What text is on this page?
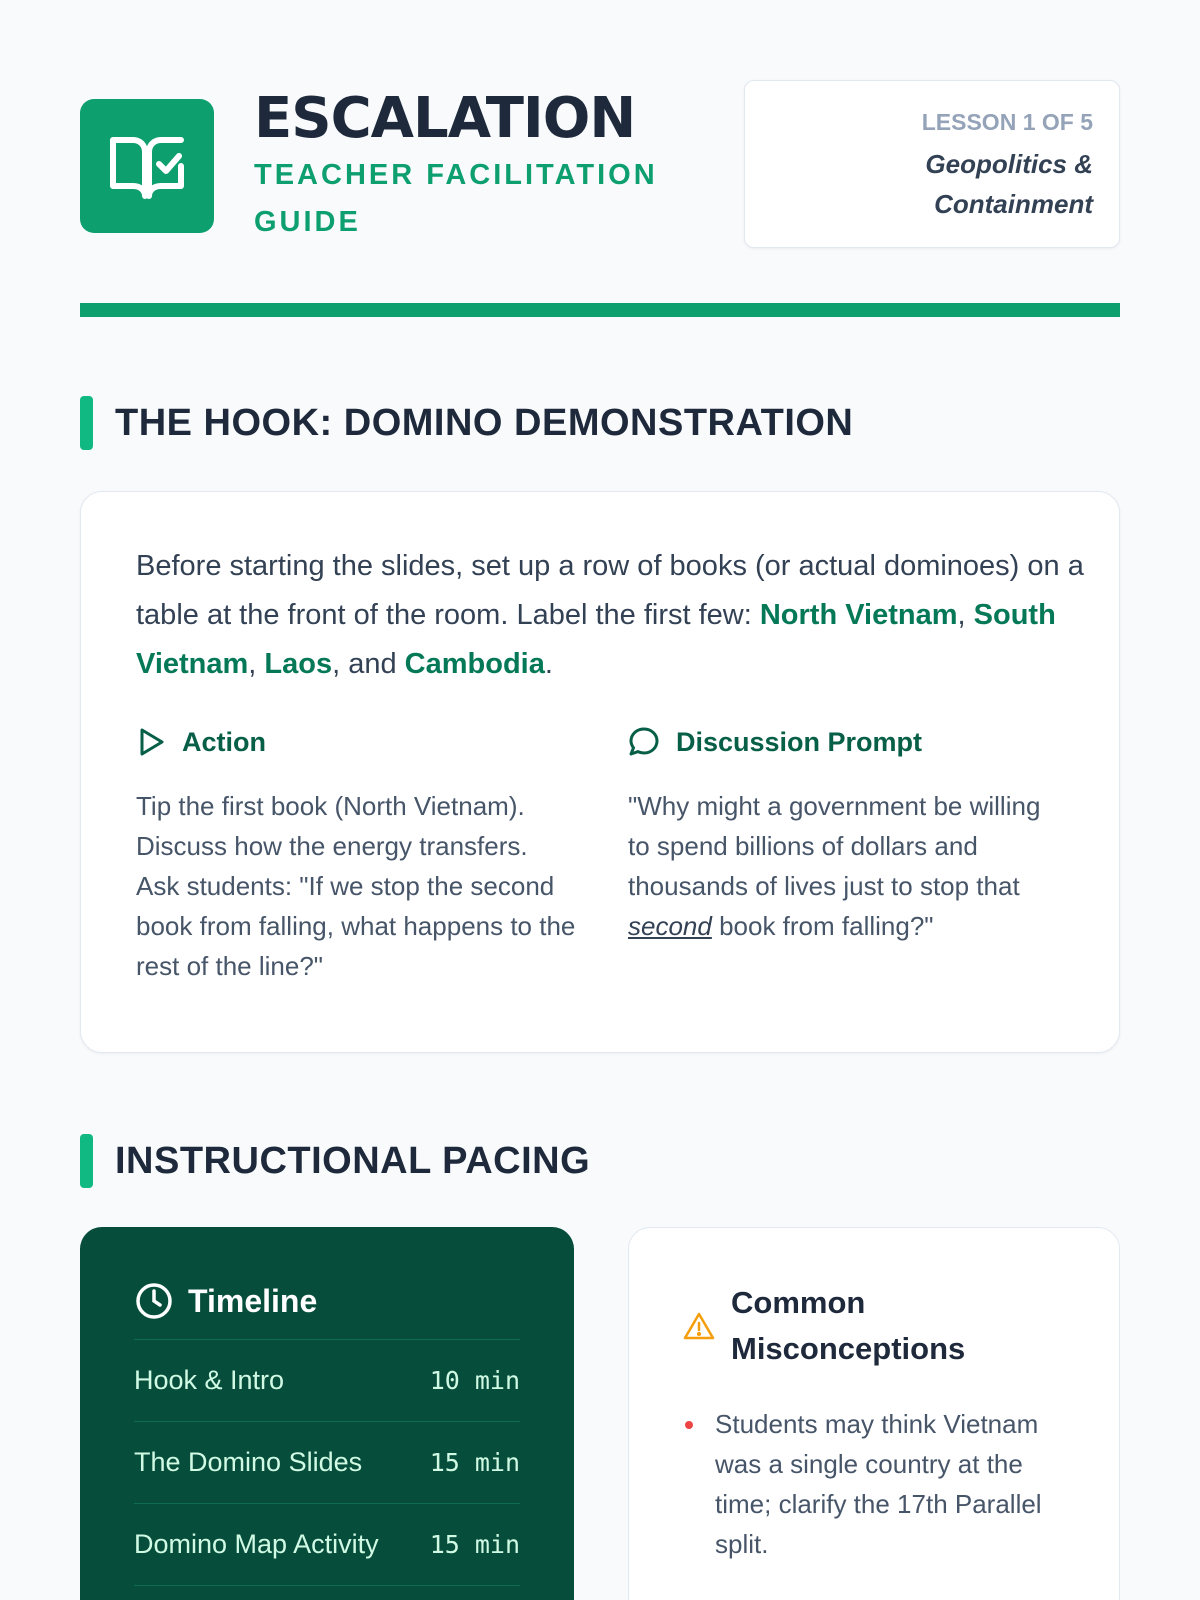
ESCALATION
TEACHER FACILITATION GUIDE
LESSON 1 OF 5
Geopolitics & Containment
THE HOOK: DOMINO DEMONSTRATION

Before starting the slides, set up a row of books (or actual dominoes) on a table at the front of the room. Label the first few: North Vietnam, South Vietnam, Laos, and Cambodia.

Action
Tip the first book (North Vietnam). Discuss how the energy transfers. Ask students: "If we stop the second book from falling, what happens to the rest of the line?"
Discussion Prompt
"Why might a government be willing to spend billions of dollars and thousands of lives just to stop that second book from falling?"
INSTRUCTIONAL PACING
Timeline
Hook & Intro	10 min
The Domino Slides	15 min
Domino Map Activity 15 min
Common Misconceptions
Students may think Vietnam was a single country at the time; clarify the 17th Parallel split.
